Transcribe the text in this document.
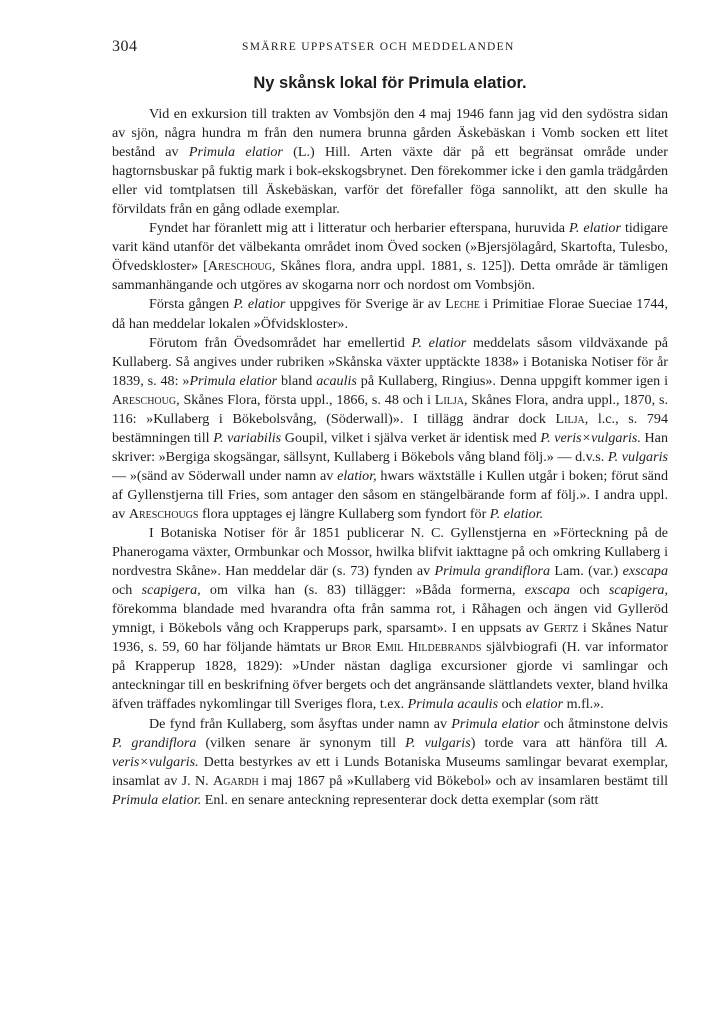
304	SMÄRRE UPPSATSER OCH MEDDELANDEN
Ny skånsk lokal för Primula elatior.

Vid en exkursion till trakten av Vombsjön den 4 maj 1946 fann jag vid den sydöstra sidan av sjön, några hundra m från den numera brunna gården Äskebäskan i Vomb socken ett litet bestånd av Primula elatior (L.) Hill. Arten växte där på ett begränsat område under hagtornsbuskar på fuktig mark i bok-ekskogsbrynet. Den förekommer icke i den gamla trädgården eller vid tomtplatsen till Äskebäskan, varför det förefaller föga sannolikt, att den skulle ha förvildats från en gång odlade exemplar.

Fyndet har föranlett mig att i litteratur och herbarier efterspana, huruvida P. elatior tidigare varit känd utanför det välbekanta området inom Öved socken (»Bjersjölagård, Skartofta, Tulesbo, Öfvedskloster» [Areschoug, Skånes flora, andra uppl. 1881, s. 125]). Detta område är tämligen sammanhängande och utgöres av skogarna norr och nordost om Vombsjön.

Första gången P. elatior uppgives för Sverige är av Leche i Primitiae Florae Sueciae 1744, då han meddelar lokalen »Öfvidskloster».

Förutom från Övedsområdet har emellertid P. elatior meddelats såsom vildväxande på Kullaberg. Så angives under rubriken »Skånska växter upptäckte 1838» i Botaniska Notiser för år 1839, s. 48: »Primula elatior bland acaulis på Kullaberg, Ringius». Denna uppgift kommer igen i Areschoug, Skånes Flora, första uppl., 1866, s. 48 och i Lilja, Skånes Flora, andra uppl., 1870, s. 116: »Kullaberg i Bökebolsvång, (Söderwall)». I tillägg ändrar dock Lilja, l.c., s. 794 bestämningen till P. variabilis Goupil, vilket i själva verket är identisk med P. veris×vulgaris. Han skriver: »Bergiga skogsängar, sällsynt, Kullaberg i Bökebols vång bland följ.» — d.v.s. P. vulgaris — »(sänd av Söderwall under namn av elatior, hwars wäxtställe i Kullen utgår i boken; förut sänd af Gyllenstjerna till Fries, som antager den såsom en stängelbärande form af följ.». I andra uppl. av Areschougs flora upptages ej längre Kullaberg som fyndort för P. elatior.

I Botaniska Notiser för år 1851 publicerar N. C. Gyllenstjerna en »Förteckning på de Phanerogama växter, Ormbunkar och Mossor, hwilka blifvit iakttagne på och omkring Kullaberg i nordvestra Skåne». Han meddelar där (s. 73) fynden av Primula grandiflora Lam. (var.) exscapa och scapigera, om vilka han (s. 83) tillägger: »Båda formerna, exscapa och scapigera, förekomma blandade med hvarandra ofta från samma rot, i Råhagen och ängen vid Gylleröd ymnigt, i Bökebols vång och Krapperups park, sparsamt». I en uppsats av Gertz i Skånes Natur 1936, s. 59, 60 har följande hämtats ur Bror Emil Hildebrands självbiografi (H. var informator på Krapperup 1828, 1829): »Under nästan dagliga excursioner gjorde vi samlingar och anteckningar till en beskrifning öfver bergets och det angränsande slättlandets vexter, bland hvilka äfven träffades nykomlingar till Sveriges flora, t.ex. Primula acaulis och elatior m.fl.».

De fynd från Kullaberg, som åsyftas under namn av Primula elatior och åtminstone delvis P. grandiflora (vilken senare är synonym till P. vulgaris) torde vara att hänföra till A. veris×vulgaris. Detta bestyrkes av ett i Lunds Botaniska Museums samlingar bevarat exemplar, insamlat av J. N. Agardh i maj 1867 på »Kullaberg vid Bökebol» och av insamlaren bestämt till Primula elatior. Enl. en senare anteckning representerar dock detta exemplar (som rätt
